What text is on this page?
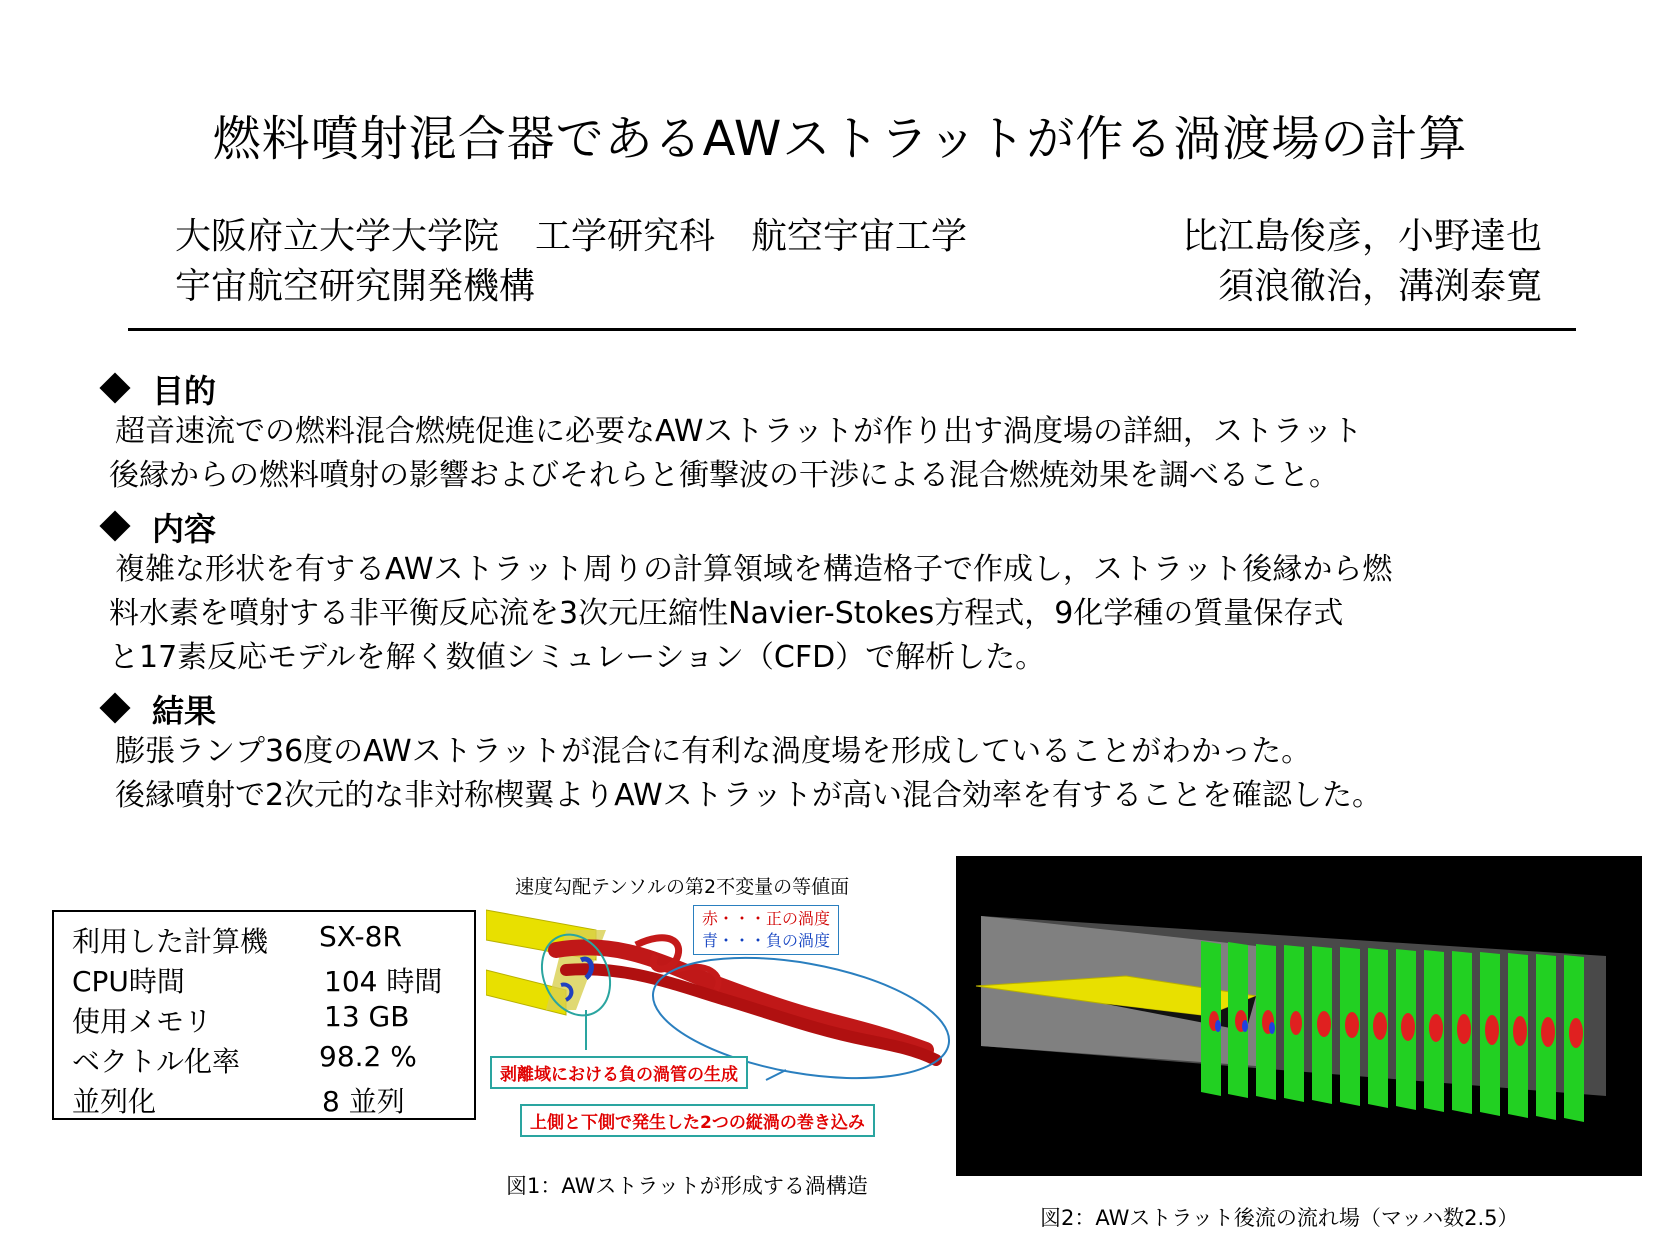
燃料噴射混合器であるAWストラットが作る渦渡場の計算
大阪府立大学大学院　工学研究科　航空宇宙工学	比江島俊彦，小野達也
宇宙航空研究開発機構	須浪徹治，溝渕泰寛
目的
超音速流での燃料混合燃焼促進に必要なAWストラットが作り出す渦度場の詳細，ストラット
後縁からの燃料噴射の影響およびそれらと衝撃波の干渉による混合燃焼効果を調べること。
内容
複雑な形状を有するAWストラット周りの計算領域を構造格子で作成し，ストラット後縁から燃
料水素を噴射する非平衡反応流を3次元圧縮性Navier-Stokes方程式，9化学種の質量保存式
と17素反応モデルを解く数値シミュレーション（CFD）で解析した。
結果
膨張ランプ36度のAWストラットが混合に有利な渦度場を形成していることがわかった。
後縁噴射で2次元的な非対称楔翼よりAWストラットが高い混合効率を有することを確認した。
利用した計算機 SX-8R
CPU時間	104 時間
使用メモリ	13 GB
ベクトル化率	98.2 %
並列化	8 並列
速度勾配テンソルの第2不変量の等値面
赤・・・正の渦度
青・・・負の渦度
剥離域における負の渦管の生成
上側と下側で発生した2つの縦渦の巻き込み
図1：AWストラットが形成する渦構造
図2：AWストラット後流の流れ場（マッハ数2.5）
